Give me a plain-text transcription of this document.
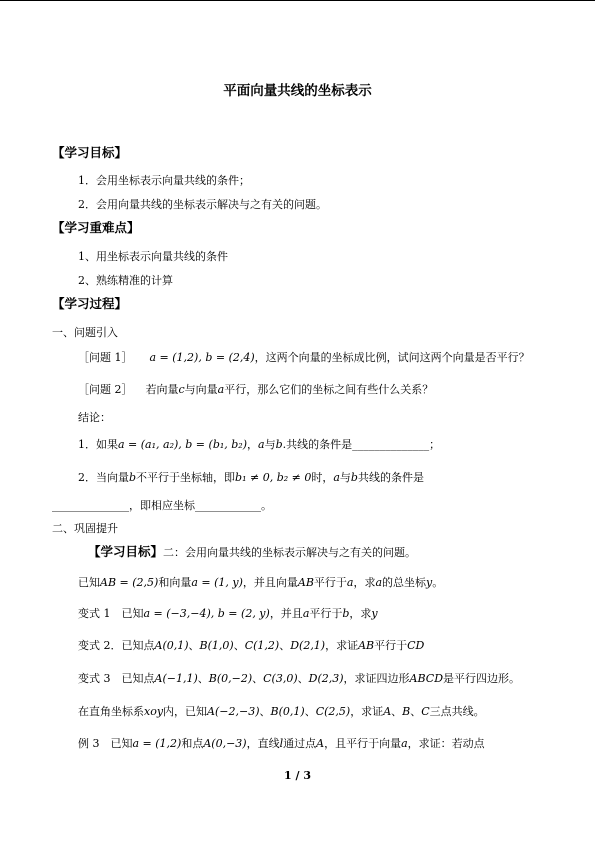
平面向量共线的坐标表示
【学习目标】
1．会用坐标表示向量共线的条件；
2．会用向量共线的坐标表示解决与之有关的问题。
【学习重难点】
1、用坐标表示向量共线的条件
2、熟练精准的计算
【学习过程】
一、问题引入
［问题 1］ a = (1,2), b = (2,4)，这两个向量的坐标成比例，试问这两个向量是否平行？
［问题 2］ 若向量c与向量a平行，那么它们的坐标之间有些什么关系？
结论：
1．如果a = (a₁, a₂), b = (b₁, b₂)，a与b.共线的条件是______________；
2．当向量b不平行于坐标轴，即b₁ ≠ 0, b₂ ≠ 0时，a与b共线的条件是
______________，即相应坐标____________。
二、巩固提升
【学习目标】二：会用向量共线的坐标表示解决与之有关的问题。
已知AB = (2,5)和向量a = (1, y)，并且向量AB平行于a，求a的总坐标y。
变式 1　已知a = (−3,−4), b = (2, y)，并且a平行于b，求y
变式 2．已知点A(0,1)、B(1,0)、C(1,2)、D(2,1)，求证AB平行于CD
变式 3　已知点A(−1,1)、B(0,−2)、C(3,0)、D(2,3)，求证四边形ABCD是平行四边形。
在直角坐标系xoy内，已知A(−2,−3)、B(0,1)、C(2,5)，求证A、B、C三点共线。
例 3　已知a = (1,2)和点A(0,−3)，直线l通过点A，且平行于向量a，求证：若动点
1 / 3
